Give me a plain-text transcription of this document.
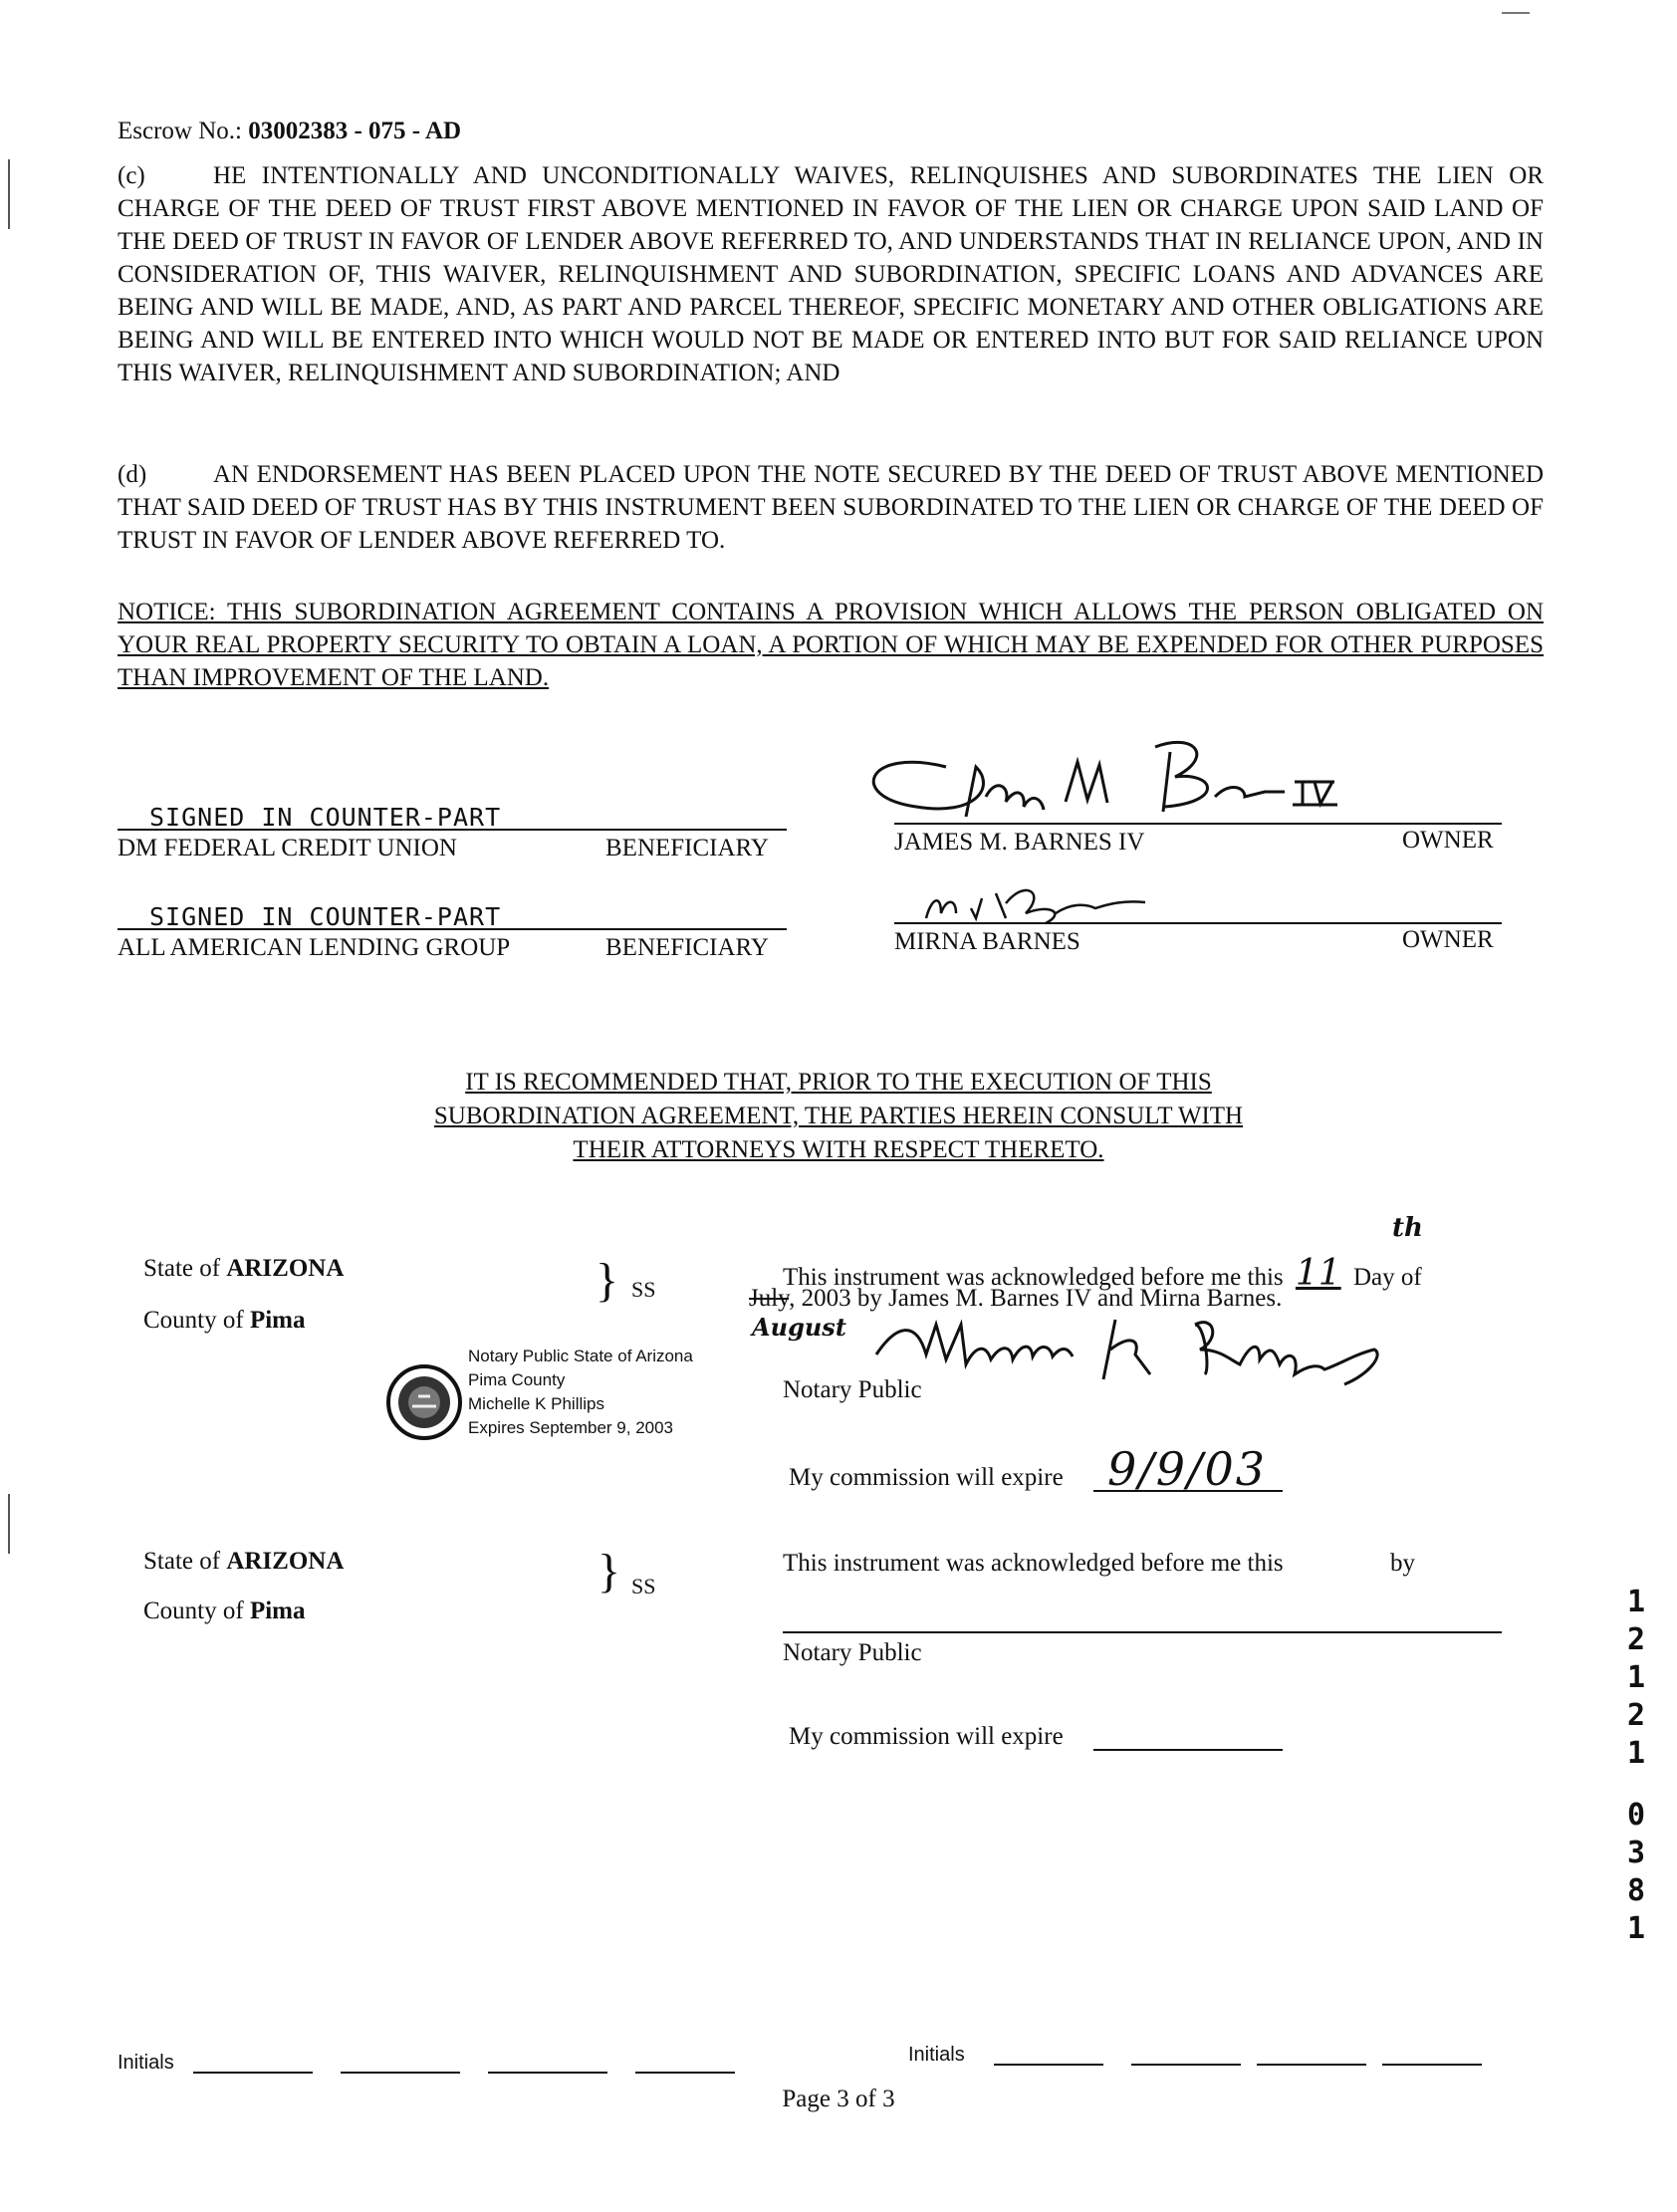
Escrow No.: 03002383 - 075 - AD
(c)	HE INTENTIONALLY AND UNCONDITIONALLY WAIVES, RELINQUISHES AND SUBORDINATES THE LIEN OR CHARGE OF THE DEED OF TRUST FIRST ABOVE MENTIONED IN FAVOR OF THE LIEN OR CHARGE UPON SAID LAND OF THE DEED OF TRUST IN FAVOR OF LENDER ABOVE REFERRED TO, AND UNDERSTANDS THAT IN RELIANCE UPON, AND IN CONSIDERATION OF, THIS WAIVER, RELINQUISHMENT AND SUBORDINATION, SPECIFIC LOANS AND ADVANCES ARE BEING AND WILL BE MADE, AND, AS PART AND PARCEL THEREOF, SPECIFIC MONETARY AND OTHER OBLIGATIONS ARE BEING AND WILL BE ENTERED INTO WHICH WOULD NOT BE MADE OR ENTERED INTO BUT FOR SAID RELIANCE UPON THIS WAIVER, RELINQUISHMENT AND SUBORDINATION; AND
(d)	AN ENDORSEMENT HAS BEEN PLACED UPON THE NOTE SECURED BY THE DEED OF TRUST ABOVE MENTIONED THAT SAID DEED OF TRUST HAS BY THIS INSTRUMENT BEEN SUBORDINATED TO THE LIEN OR CHARGE OF THE DEED OF TRUST IN FAVOR OF LENDER ABOVE REFERRED TO.
NOTICE: THIS SUBORDINATION AGREEMENT CONTAINS A PROVISION WHICH ALLOWS THE PERSON OBLIGATED ON YOUR REAL PROPERTY SECURITY TO OBTAIN A LOAN, A PORTION OF WHICH MAY BE EXPENDED FOR OTHER PURPOSES THAN IMPROVEMENT OF THE LAND.
SIGNED IN COUNTER-PART
DM FEDERAL CREDIT UNION	BENEFICIARY
SIGNED IN COUNTER-PART
ALL AMERICAN LENDING GROUP	BENEFICIARY
JAMES M. BARNES IV	OWNER
MIRNA BARNES	OWNER
IT IS RECOMMENDED THAT, PRIOR TO THE EXECUTION OF THIS
SUBORDINATION AGREEMENT, THE PARTIES HEREIN CONSULT WITH
THEIR ATTORNEYS WITH RESPECT THERETO.
State of ARIZONA
County of Pima
} SS
Notary Public State of Arizona
Pima County
Michelle K Phillips
Expires September 9, 2003
This instrument was acknowledged before me this 11 Day of
th
July, 2003 by James M. Barnes IV and Mirna Barnes.
August
Notary Public
My commission will expire 9/9/03
State of ARIZONA
County of Pima
} SS
This instrument was acknowledged before me this	by
Notary Public
My commission will expire
1
2
1
2
1
0
3
8
1
Initials	Initials
Page 3 of 3
